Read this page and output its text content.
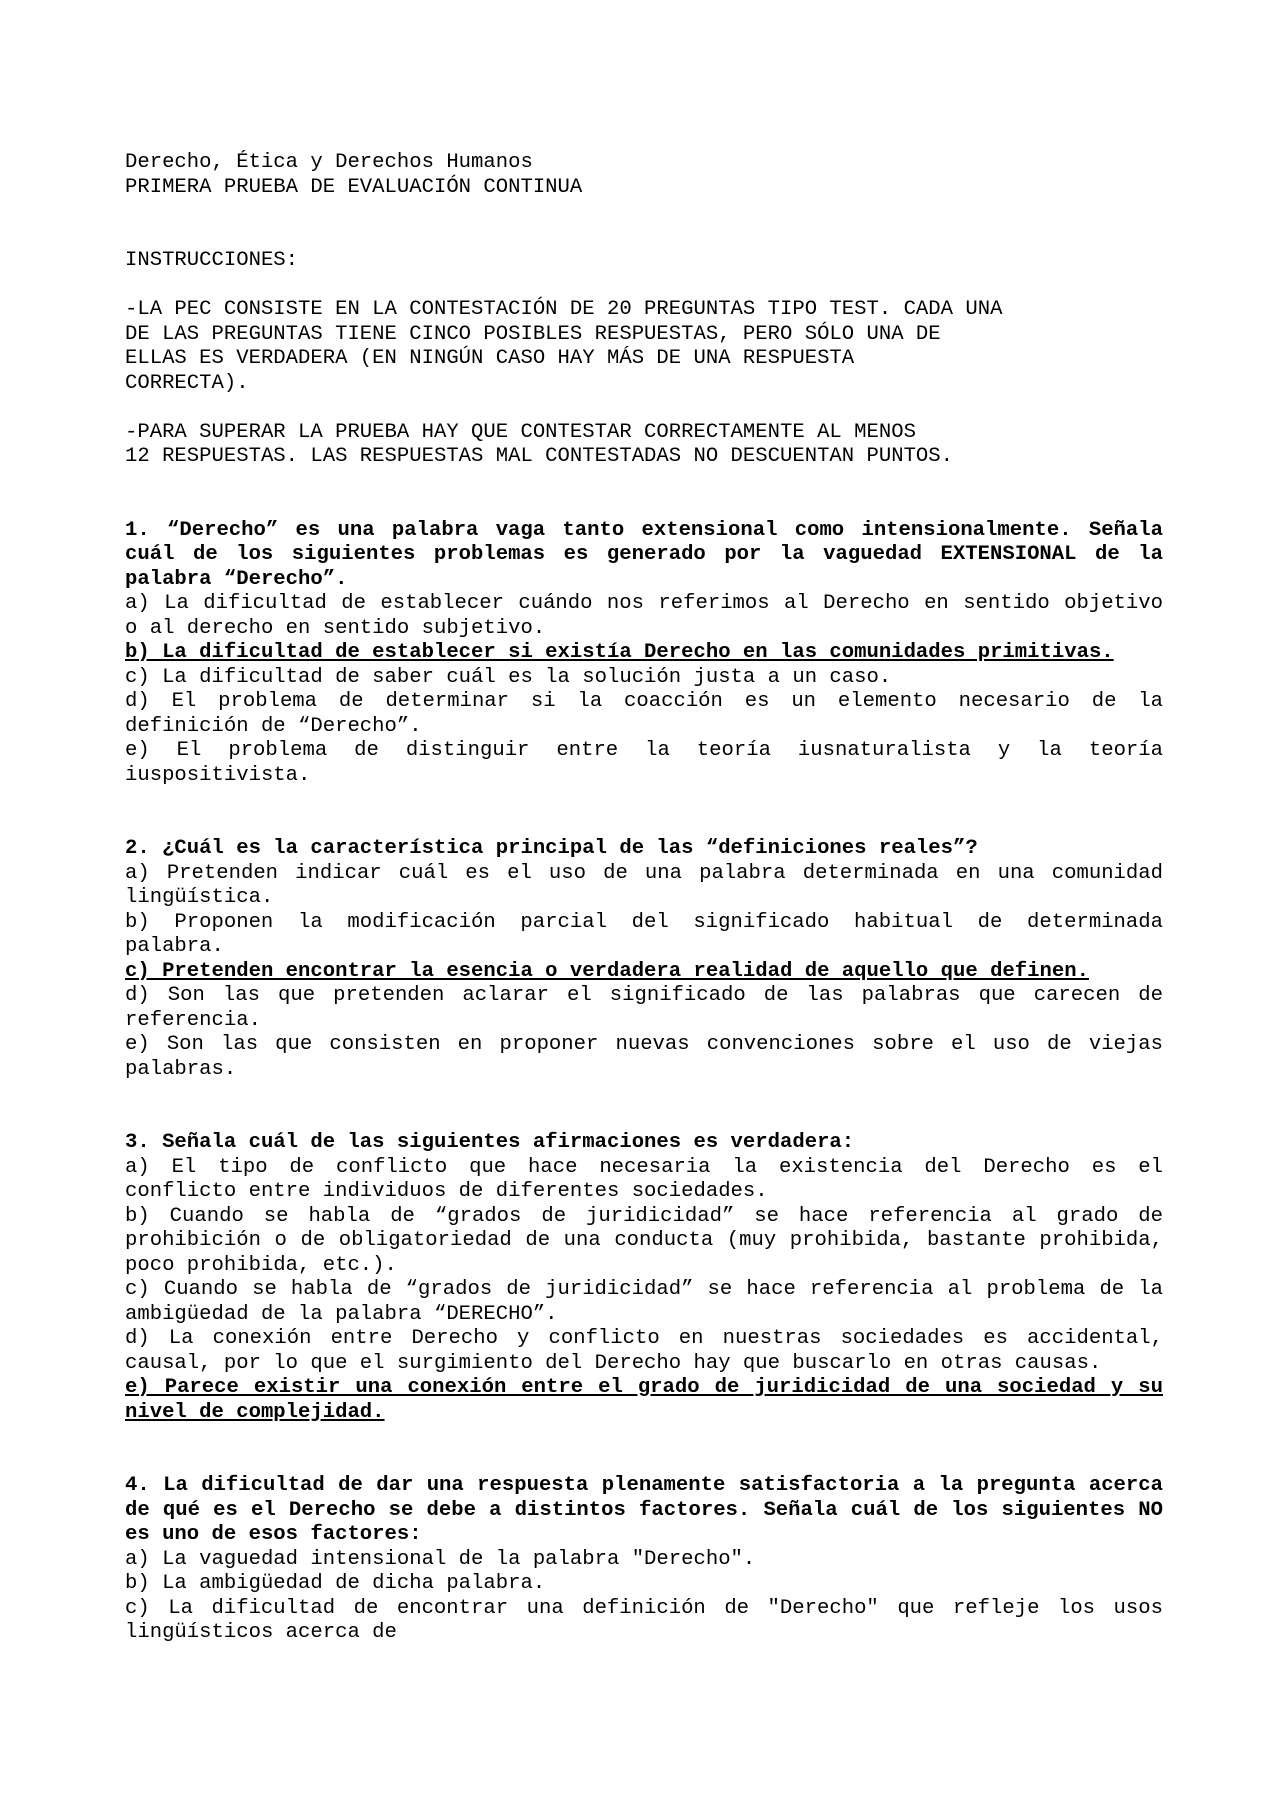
Derecho, Ética y Derechos Humanos
PRIMERA PRUEBA DE EVALUACIÓN CONTINUA
INSTRUCCIONES:
-LA PEC CONSISTE EN LA CONTESTACIÓN DE 20 PREGUNTAS TIPO TEST. CADA UNA
DE LAS PREGUNTAS TIENE CINCO POSIBLES RESPUESTAS, PERO SÓLO UNA DE
ELLAS ES VERDADERA (EN NINGÚN CASO HAY MÁS DE UNA RESPUESTA
CORRECTA).
-PARA SUPERAR LA PRUEBA HAY QUE CONTESTAR CORRECTAMENTE AL MENOS
12 RESPUESTAS. LAS RESPUESTAS MAL CONTESTADAS NO DESCUENTAN PUNTOS.
1. “Derecho” es una palabra vaga tanto extensional como intensionalmente. Señala cuál de los siguientes problemas es generado por la vaguedad EXTENSIONAL de la palabra “Derecho”.
a) La dificultad de establecer cuándo nos referimos al Derecho en sentido objetivo o al derecho en sentido subjetivo.
b) La dificultad de establecer si existía Derecho en las comunidades primitivas.
c) La dificultad de saber cuál es la solución justa a un caso.
d) El problema de determinar si la coacción es un elemento necesario de la definición de “Derecho”.
e) El problema de distinguir entre la teoría iusnaturalista y la teoría iuspositivista.
2. ¿Cuál es la característica principal de las “definiciones reales”?
a) Pretenden indicar cuál es el uso de una palabra determinada en una comunidad lingüística.
b) Proponen la modificación parcial del significado habitual de determinada palabra.
c) Pretenden encontrar la esencia o verdadera realidad de aquello que definen.
d) Son las que pretenden aclarar el significado de las palabras que carecen de referencia.
e) Son las que consisten en proponer nuevas convenciones sobre el uso de viejas palabras.
3. Señala cuál de las siguientes afirmaciones es verdadera:
a) El tipo de conflicto que hace necesaria la existencia del Derecho es el conflicto entre individuos de diferentes sociedades.
b) Cuando se habla de “grados de juridicidad” se hace referencia al grado de prohibición o de obligatoriedad de una conducta (muy prohibida, bastante prohibida, poco prohibida, etc.).
c) Cuando se habla de “grados de juridicidad” se hace referencia al problema de la ambigüedad de la palabra “DERECHO”.
d) La conexión entre Derecho y conflicto en nuestras sociedades es accidental, causal, por lo que el surgimiento del Derecho hay que buscarlo en otras causas.
e) Parece existir una conexión entre el grado de juridicidad de una sociedad y su nivel de complejidad.
4. La dificultad de dar una respuesta plenamente satisfactoria a la pregunta acerca de qué es el Derecho se debe a distintos factores. Señala cuál de los siguientes NO es uno de esos factores:
a) La vaguedad intensional de la palabra "Derecho".
b) La ambigüedad de dicha palabra.
c) La dificultad de encontrar una definición de "Derecho" que refleje los usos lingüísticos acerca de
